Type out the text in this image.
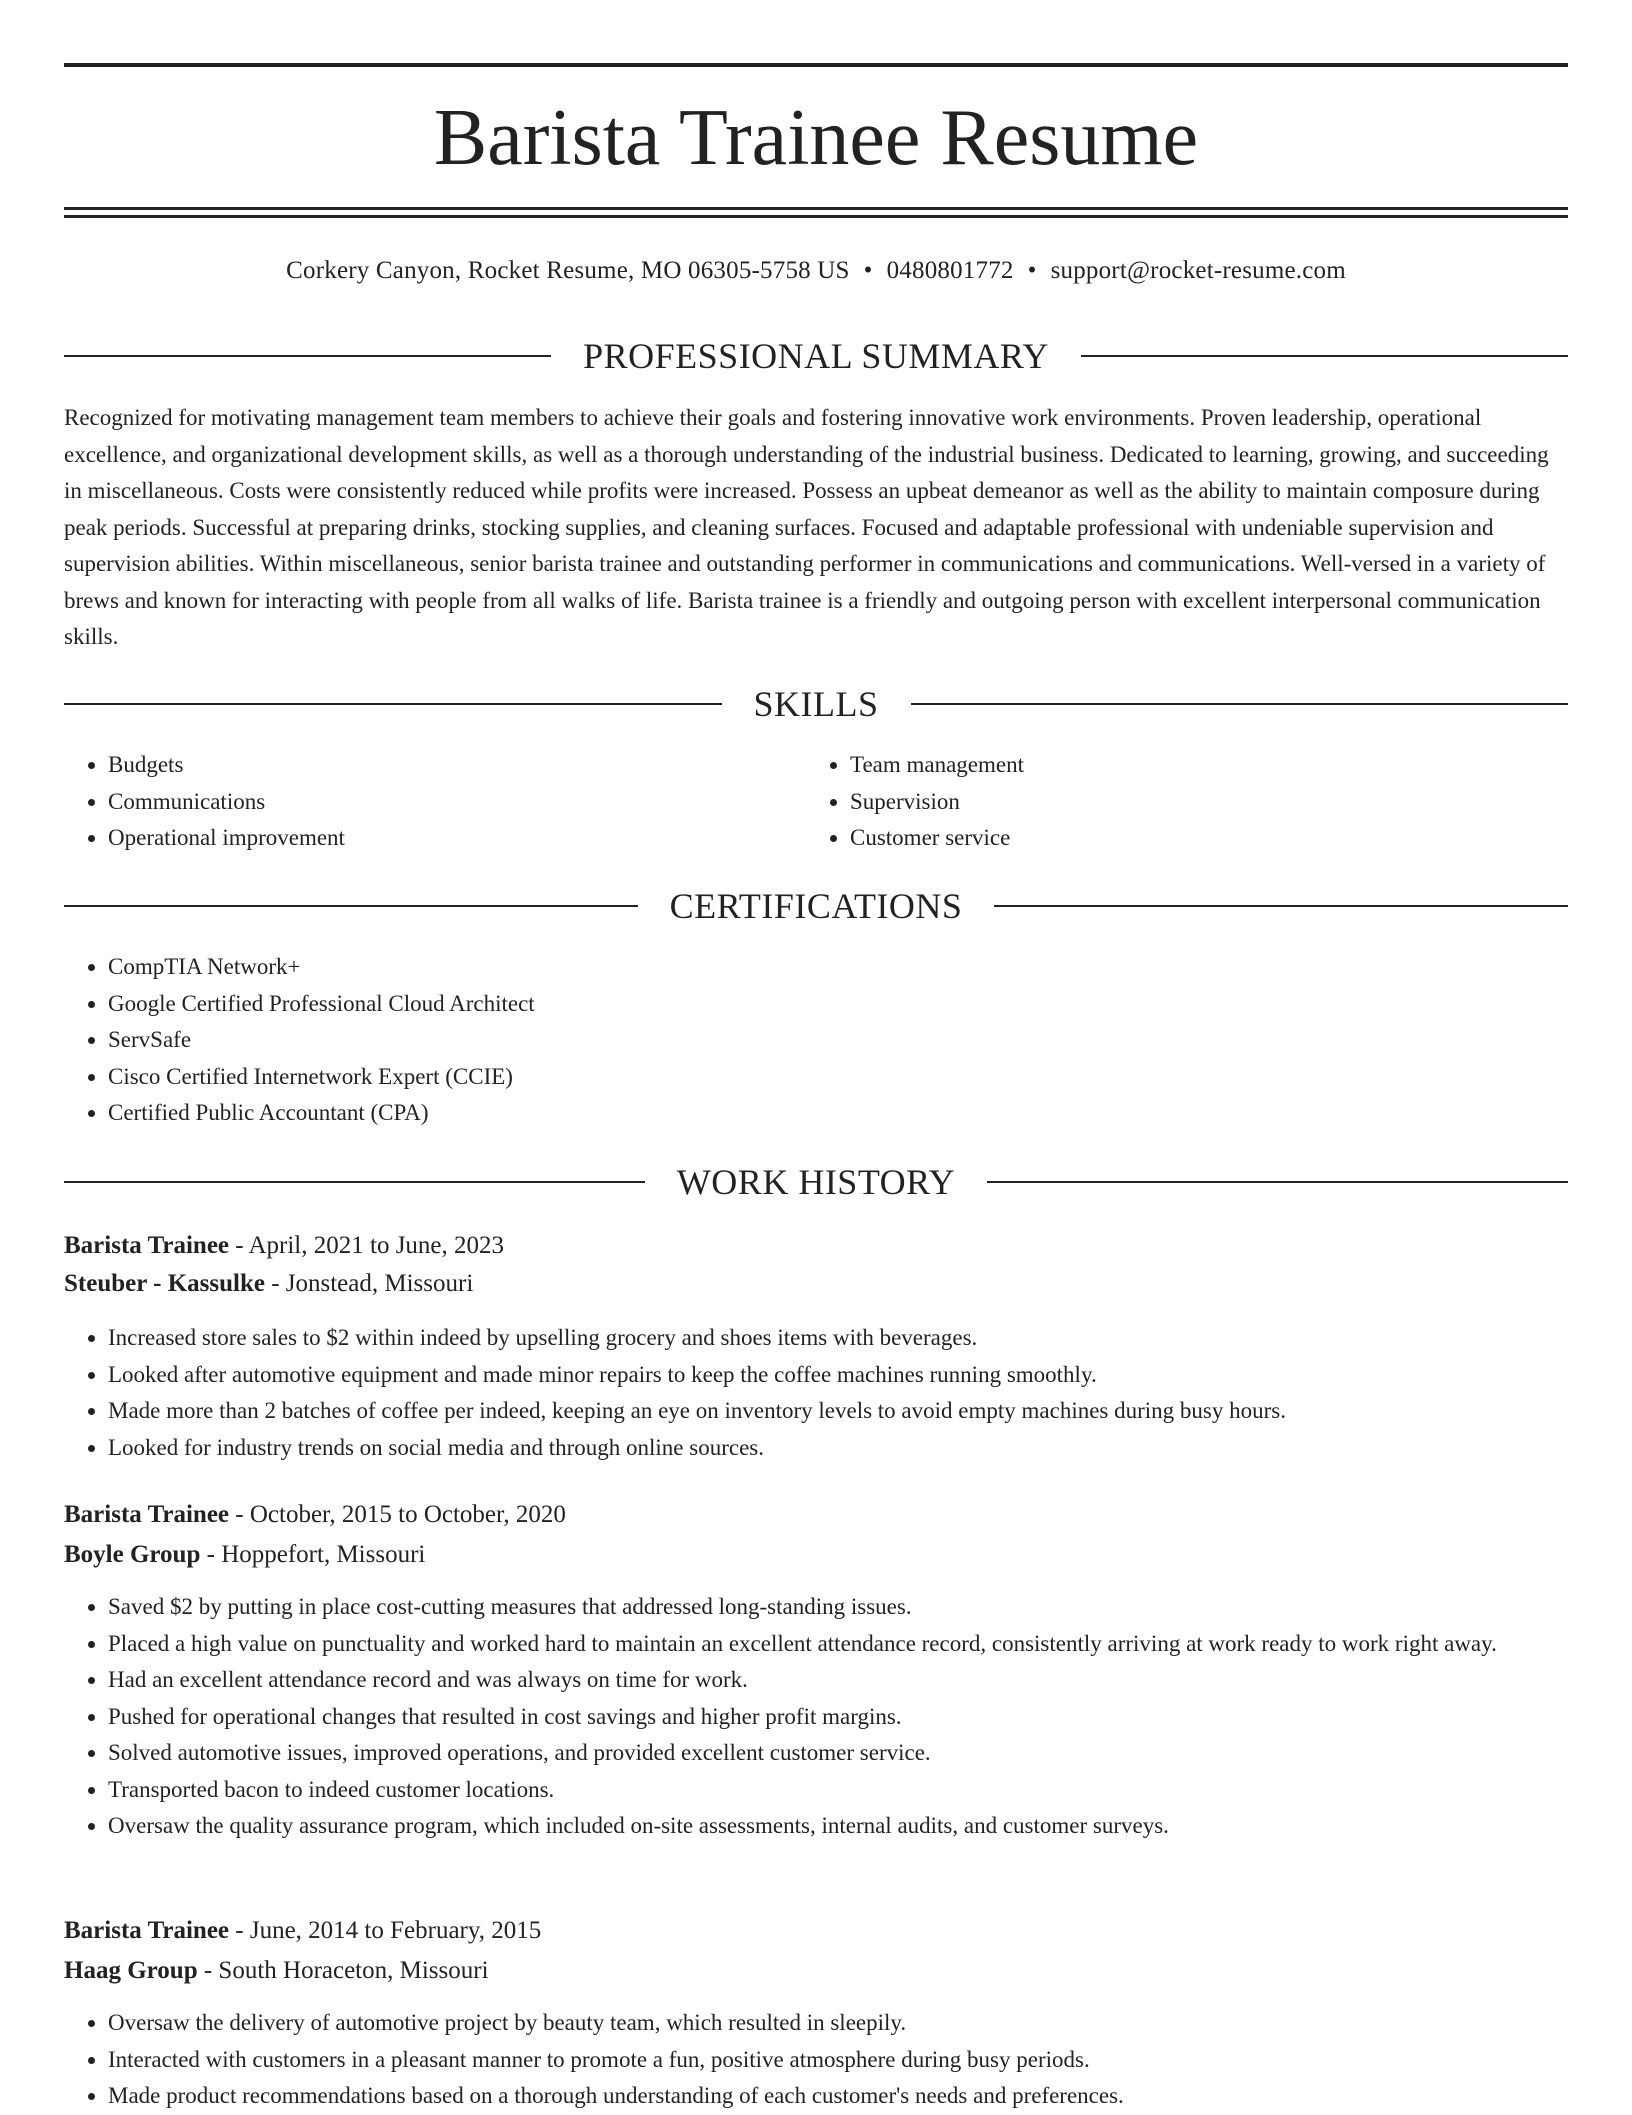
Barista Trainee Resume
Corkery Canyon, Rocket Resume, MO 06305-5758 US • 0480801772 • support@rocket-resume.com
PROFESSIONAL SUMMARY

Recognized for motivating management team members to achieve their goals and fostering innovative work environments. Proven leadership, operational excellence, and organizational development skills, as well as a thorough understanding of the industrial business. Dedicated to learning, growing, and succeeding in miscellaneous. Costs were consistently reduced while profits were increased. Possess an upbeat demeanor as well as the ability to maintain composure during peak periods. Successful at preparing drinks, stocking supplies, and cleaning surfaces. Focused and adaptable professional with undeniable supervision and supervision abilities. Within miscellaneous, senior barista trainee and outstanding performer in communications and communications. Well-versed in a variety of brews and known for interacting with people from all walks of life. Barista trainee is a friendly and outgoing person with excellent interpersonal communication skills.

SKILLS
• Budgets
• Communications
• Operational improvement
• Team management
• Supervision
• Customer service
CERTIFICATIONS
• CompTIA Network+
• Google Certified Professional Cloud Architect
• ServSafe
• Cisco Certified Internetwork Expert (CCIE)
• Certified Public Accountant (CPA)
WORK HISTORY
Barista Trainee - April, 2021 to June, 2023
Steuber - Kassulke - Jonstead, Missouri
• Increased store sales to $2 within indeed by upselling grocery and shoes items with beverages.
• Looked after automotive equipment and made minor repairs to keep the coffee machines running smoothly.
• Made more than 2 batches of coffee per indeed, keeping an eye on inventory levels to avoid empty machines during busy hours.
• Looked for industry trends on social media and through online sources.
Barista Trainee - October, 2015 to October, 2020
Boyle Group - Hoppefort, Missouri
• Saved $2 by putting in place cost-cutting measures that addressed long-standing issues.
• Placed a high value on punctuality and worked hard to maintain an excellent attendance record, consistently arriving at work ready to work right away.
• Had an excellent attendance record and was always on time for work.
• Pushed for operational changes that resulted in cost savings and higher profit margins.
• Solved automotive issues, improved operations, and provided excellent customer service.
• Transported bacon to indeed customer locations.
• Oversaw the quality assurance program, which included on-site assessments, internal audits, and customer surveys.
Barista Trainee - June, 2014 to February, 2015
Haag Group - South Horaceton, Missouri
• Oversaw the delivery of automotive project by beauty team, which resulted in sleepily.
• Interacted with customers in a pleasant manner to promote a fun, positive atmosphere during busy periods.
• Made product recommendations based on a thorough understanding of each customer's needs and preferences.
